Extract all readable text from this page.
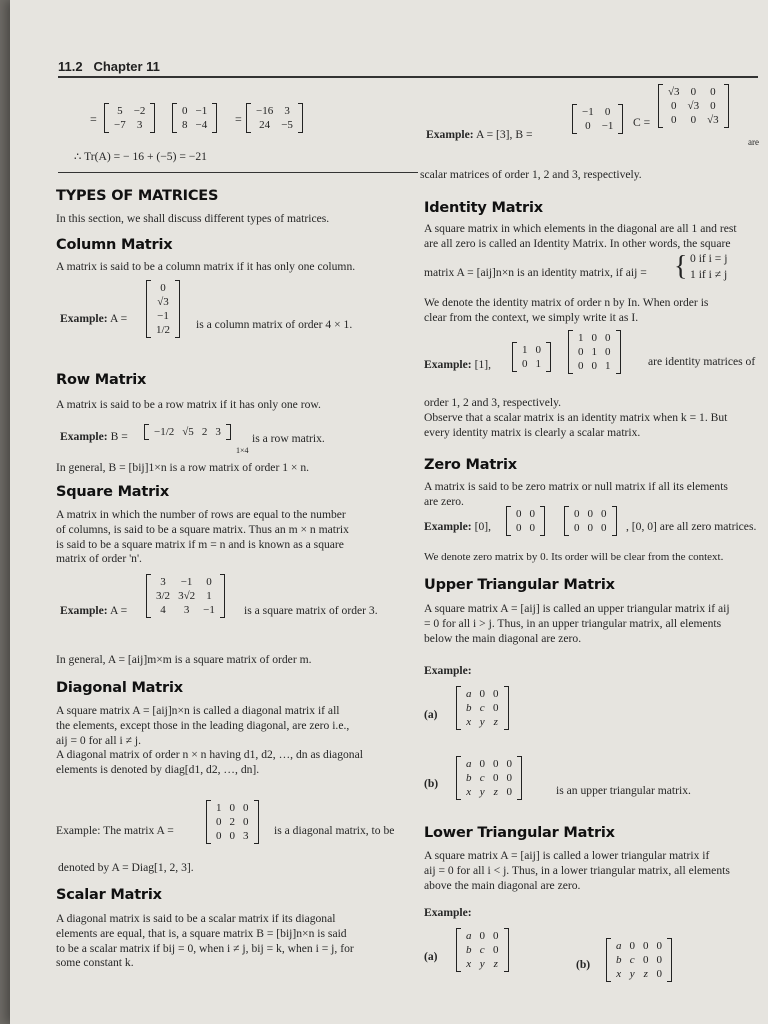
11.2 Chapter 11
=
5	−2
−7	3
0	−1
8	−4 =
−16	3
24	−5
∴ Tr(A) = − 16 + (−5) = −21
Example: A = [3], B =
−1	0
0	−1 C =
√3	0	0
0	√3	0
0	0	√3
are
scalar matrices of order 1, 2 and 3, respectively.
TYPES OF MATRICES
In this section, we shall discuss different types of matrices.
Column Matrix
A matrix is said to be a column matrix if it has only one column.
Example: A =
0
√3
−1
1/2 is a column matrix of order 4 × 1.
Row Matrix
A matrix is said to be a row matrix if it has only one row.
Example: B = −1/2	√5	2	3
1×4
is a row matrix.
In general, B = [bij]1×n is a row matrix of order 1 × n.
Square Matrix
A matrix in which the number of rows are equal to the number
of columns, is said to be a square matrix. Thus an m × n matrix
is said to be a square matrix if m = n and is known as a square
matrix of order 'n'.
Example: A =
3	−1	0
3/2	3√2	1
4	3	−1	is a square matrix of order 3.
In general, A = [aij]m×m is a square matrix of order m.
Diagonal Matrix
A square matrix A = [aij]n×n is called a diagonal matrix if all
the elements, except those in the leading diagonal, are zero i.e.,
aij = 0 for all i ≠ j.
A diagonal matrix of order n × n having d1, d2, …, dn as diagonal
elements is denoted by diag[d1, d2, …, dn].
Example: The matrix A =
1	0	0
0	2	0
0	0	3 is a diagonal matrix, to be
denoted by A = Diag[1, 2, 3].
Scalar Matrix
A diagonal matrix is said to be a scalar matrix if its diagonal
elements are equal, that is, a square matrix B = [bij]n×n is said
to be a scalar matrix if bij = 0, when i ≠ j, bij = k, when i = j, for
some constant k.
Identity Matrix
A square matrix in which elements in the diagonal are all 1 and rest
are all zero is called an Identity Matrix. In other words, the square
matrix A = [aij]n×n is an identity matrix, if aij = { 0 if i = j
1 if i ≠ j
We denote the identity matrix of order n by In. When order is
clear from the context, we simply write it as I.
Example: [1],
1	0
0	1
1	0	0
0	1	0
0	0	1	are identity matrices of
order 1, 2 and 3, respectively.
Observe that a scalar matrix is an identity matrix when k = 1. But
every identity matrix is clearly a scalar matrix.
Zero Matrix
A matrix is said to be zero matrix or null matrix if all its elements
are zero.
Example: [0],
0	0
0	0
0	0	0
0	0	0 , [0, 0] are all zero matrices.
We denote zero matrix by 0. Its order will be clear from the context.
Upper Triangular Matrix
A square matrix A = [aij] is called an upper triangular matrix if aij
= 0 for all i > j. Thus, in an upper triangular matrix, all elements
below the main diagonal are zero.
Example:
(a)
a	0	0
b	c	0
x	y	z
(b)
a	0	0	0
b	c	0	0
x	y	z	0	is an upper triangular matrix.
Lower Triangular Matrix
A square matrix A = [aij] is called a lower triangular matrix if
aij = 0 for all i < j. Thus, in a lower triangular matrix, all elements
above the main diagonal are zero.
Example:
(a)
a	0	0
b	c	0
x	y	z	(b)
a	0	0	0
b	c	0	0
x	y	z	0
